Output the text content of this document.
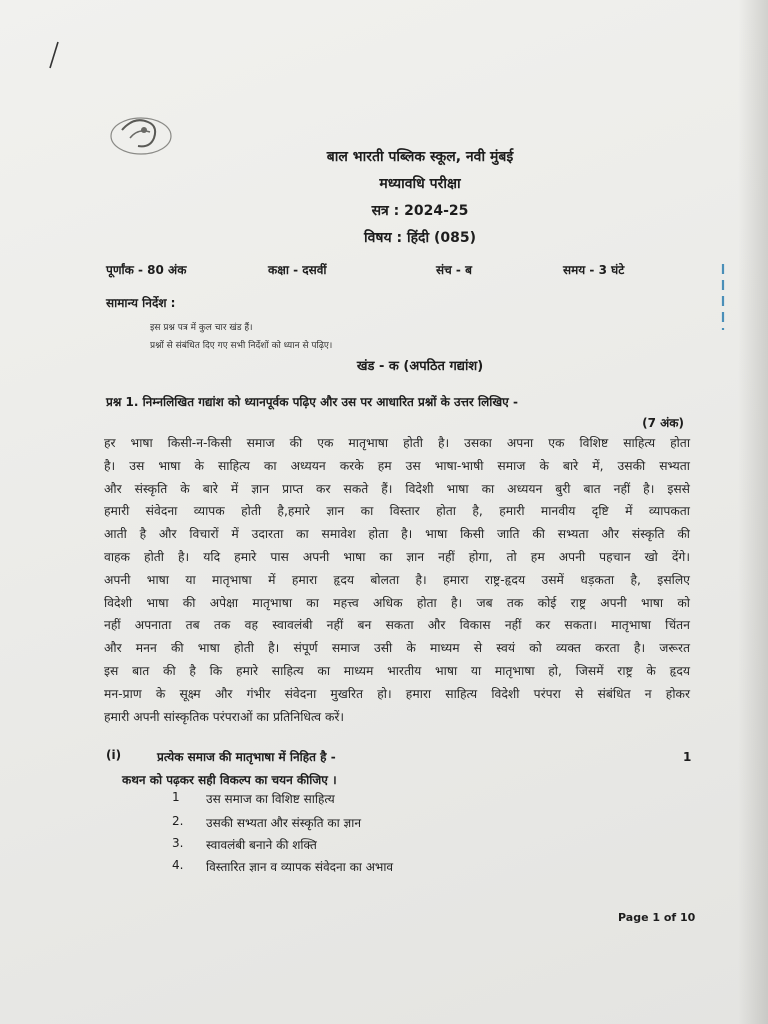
बाल भारती पब्लिक स्कूल, नवी मुंबई
मध्यावधि परीक्षा
सत्र : 2024-25
विषय : हिंदी (085)
पूर्णांक - 80 अंक	कक्षा - दसवीं	संच - ब	समय - 3 घंटे
सामान्य निर्देश :
इस प्रश्न पत्र में कुल चार खंड हैं।
प्रश्नों से संबंधित दिए गए सभी निर्देशों को ध्यान से पढ़िए।
खंड - क (अपठित गद्यांश)
प्रश्न 1. निम्नलिखित गद्यांश को ध्यानपूर्वक पढ़िए और उस पर आधारित प्रश्नों के उत्तर लिखिए -
(7 अंक)
हर भाषा किसी-न-किसी समाज की एक मातृभाषा होती है। उसका अपना एक विशिष्ट साहित्य होता
है। उस भाषा के साहित्य का अध्ययन करके हम उस भाषा-भाषी समाज के बारे में, उसकी सभ्यता
और संस्कृति के बारे में ज्ञान प्राप्त कर सकते हैं। विदेशी भाषा का अध्ययन बुरी बात नहीं है। इससे
हमारी संवेदना व्यापक होती है,हमारे ज्ञान का विस्तार होता है, हमारी मानवीय दृष्टि में व्यापकता
आती है और विचारों में उदारता का समावेश होता है। भाषा किसी जाति की सभ्यता और संस्कृति की
वाहक होती है। यदि हमारे पास अपनी भाषा का ज्ञान नहीं होगा, तो हम अपनी पहचान खो देंगे।
अपनी भाषा या मातृभाषा में हमारा हृदय बोलता है। हमारा राष्ट्र-हृदय उसमें धड़कता है, इसलिए
विदेशी भाषा की अपेक्षा मातृभाषा का महत्त्व अधिक होता है। जब तक कोई राष्ट्र अपनी भाषा को
नहीं अपनाता तब तक वह स्वावलंबी नहीं बन सकता और विकास नहीं कर सकता। मातृभाषा चिंतन
और मनन की भाषा होती है। संपूर्ण समाज उसी के माध्यम से स्वयं को व्यक्त करता है। जरूरत
इस बात की है कि हमारे साहित्य का माध्यम भारतीय भाषा या मातृभाषा हो, जिसमें राष्ट्र के हृदय
मन-प्राण के सूक्ष्म और गंभीर संवेदना मुखरित हो। हमारा साहित्य विदेशी परंपरा से संबंधित न होकर
हमारी अपनी सांस्कृतिक परंपराओं का प्रतिनिधित्व करें।
(i)	प्रत्येक समाज की मातृभाषा में निहित है -	1
कथन को पढ़कर सही विकल्प का चयन कीजिए ।
1 उस समाज का विशिष्ट साहित्य
2. उसकी सभ्यता और संस्कृति का ज्ञान
3. स्वावलंबी बनाने की शक्ति
4. विस्तारित ज्ञान व व्यापक संवेदना का अभाव
Page 1 of 10
